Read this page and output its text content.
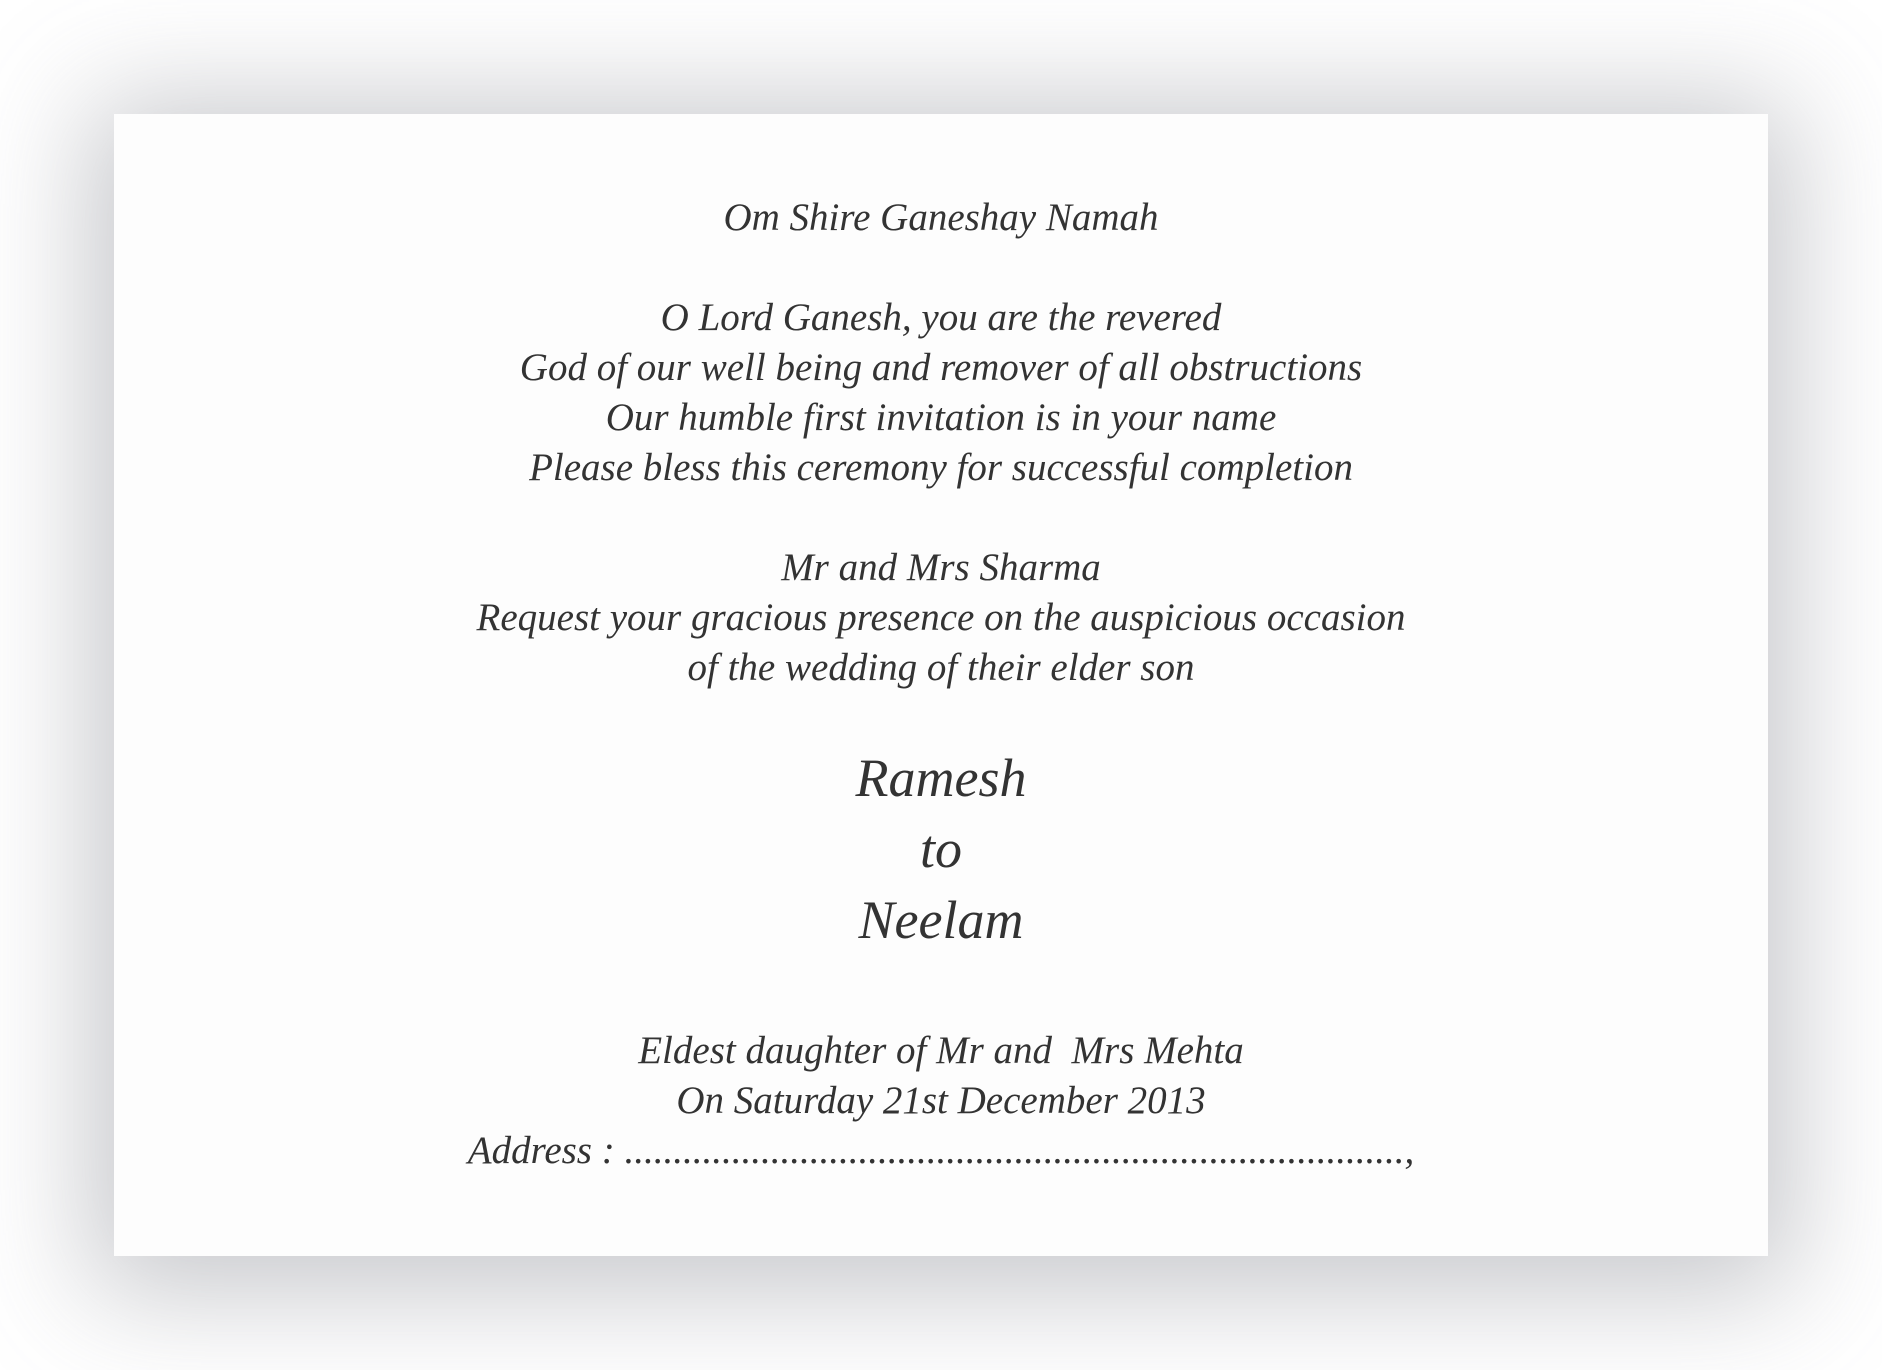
Om Shire Ganeshay Namah
O Lord Ganesh, you are the revered
God of our well being and remover of all obstructions
Our humble first invitation is in your name
Please bless this ceremony for successful completion
Mr and Mrs Sharma
Request your gracious presence on the auspicious occasion
of the wedding of their elder son
Ramesh
to
Neelam
Eldest daughter of Mr and  Mrs Mehta
On Saturday 21st December 2013
Address : ................................................................................,
